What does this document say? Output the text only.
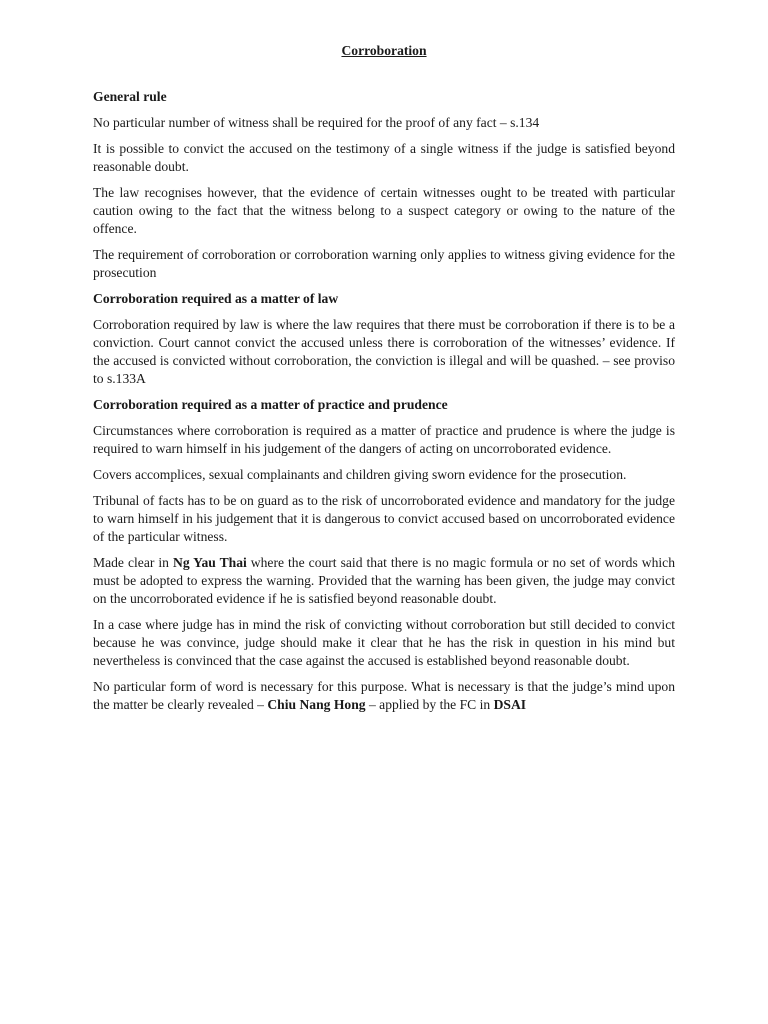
Corroboration
General rule

No particular number of witness shall be required for the proof of any fact – s.134

It is possible to convict the accused on the testimony of a single witness if the judge is satisfied beyond reasonable doubt.

The law recognises however, that the evidence of certain witnesses ought to be treated with particular caution owing to the fact that the witness belong to a suspect category or owing to the nature of the offence.

The requirement of corroboration or corroboration warning only applies to witness giving evidence for the prosecution

Corroboration required as a matter of law

Corroboration required by law is where the law requires that there must be corroboration if there is to be a conviction. Court cannot convict the accused unless there is corroboration of the witnesses’ evidence. If the accused is convicted without corroboration, the conviction is illegal and will be quashed. – see proviso to s.133A

Corroboration required as a matter of practice and prudence

Circumstances where corroboration is required as a matter of practice and prudence is where the judge is required to warn himself in his judgement of the dangers of acting on uncorroborated evidence.

Covers accomplices, sexual complainants and children giving sworn evidence for the prosecution.

Tribunal of facts has to be on guard as to the risk of uncorroborated evidence and mandatory for the judge to warn himself in his judgement that it is dangerous to convict accused based on uncorroborated evidence of the particular witness.

Made clear in Ng Yau Thai where the court said that there is no magic formula or no set of words which must be adopted to express the warning. Provided that the warning has been given, the judge may convict on the uncorroborated evidence if he is satisfied beyond reasonable doubt.

In a case where judge has in mind the risk of convicting without corroboration but still decided to convict because he was convince, judge should make it clear that he has the risk in question in his mind but nevertheless is convinced that the case against the accused is established beyond reasonable doubt.

No particular form of word is necessary for this purpose. What is necessary is that the judge’s mind upon the matter be clearly revealed – Chiu Nang Hong – applied by the FC in DSAI
